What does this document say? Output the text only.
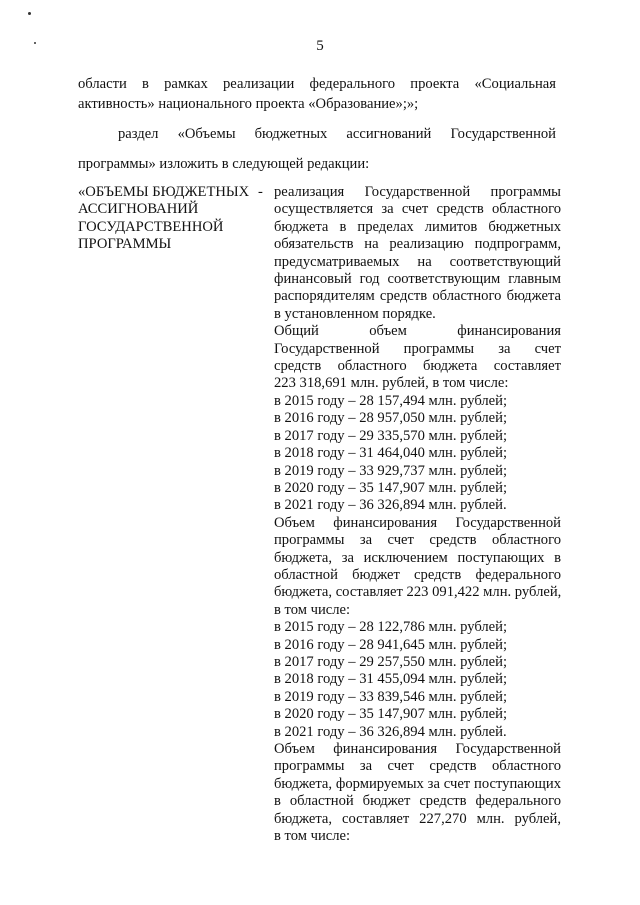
5
области в рамках реализации федерального проекта «Социальная
активность» национального проекта «Образование»;»;
раздел «Объемы бюджетных ассигнований Государственной
программы» изложить в следующей редакции:
«ОБЪЕМЫ БЮДЖЕТНЫХ
АССИГНОВАНИЙ
ГОСУДАРСТВЕННОЙ
ПРОГРАММЫ
- реализация Государственной программы
осуществляется за счет средств областного
бюджета в пределах лимитов бюджетных
обязательств на реализацию подпрограмм,
предусматриваемых на соответствующий
финансовый год соответствующим главным
распорядителям средств областного бюджета
в установленном порядке.
Общий объем финансирования
Государственной программы за счет
средств областного бюджета составляет
223 318,691 млн. рублей, в том числе:
в 2015 году – 28 157,494 млн. рублей;
в 2016 году – 28 957,050 млн. рублей;
в 2017 году – 29 335,570 млн. рублей;
в 2018 году – 31 464,040 млн. рублей;
в 2019 году – 33 929,737 млн. рублей;
в 2020 году – 35 147,907 млн. рублей;
в 2021 году – 36 326,894 млн. рублей.
Объем финансирования Государственной
программы за счет средств областного
бюджета, за исключением поступающих в
областной бюджет средств федерального
бюджета, составляет 223 091,422 млн. рублей,
в том числе:
в 2015 году – 28 122,786 млн. рублей;
в 2016 году – 28 941,645 млн. рублей;
в 2017 году – 29 257,550 млн. рублей;
в 2018 году – 31 455,094 млн. рублей;
в 2019 году – 33 839,546 млн. рублей;
в 2020 году – 35 147,907 млн. рублей;
в 2021 году – 36 326,894 млн. рублей.
Объем финансирования Государственной
программы за счет средств областного
бюджета, формируемых за счет поступающих
в областной бюджет средств федерального
бюджета, составляет 227,270 млн. рублей,
в том числе:
